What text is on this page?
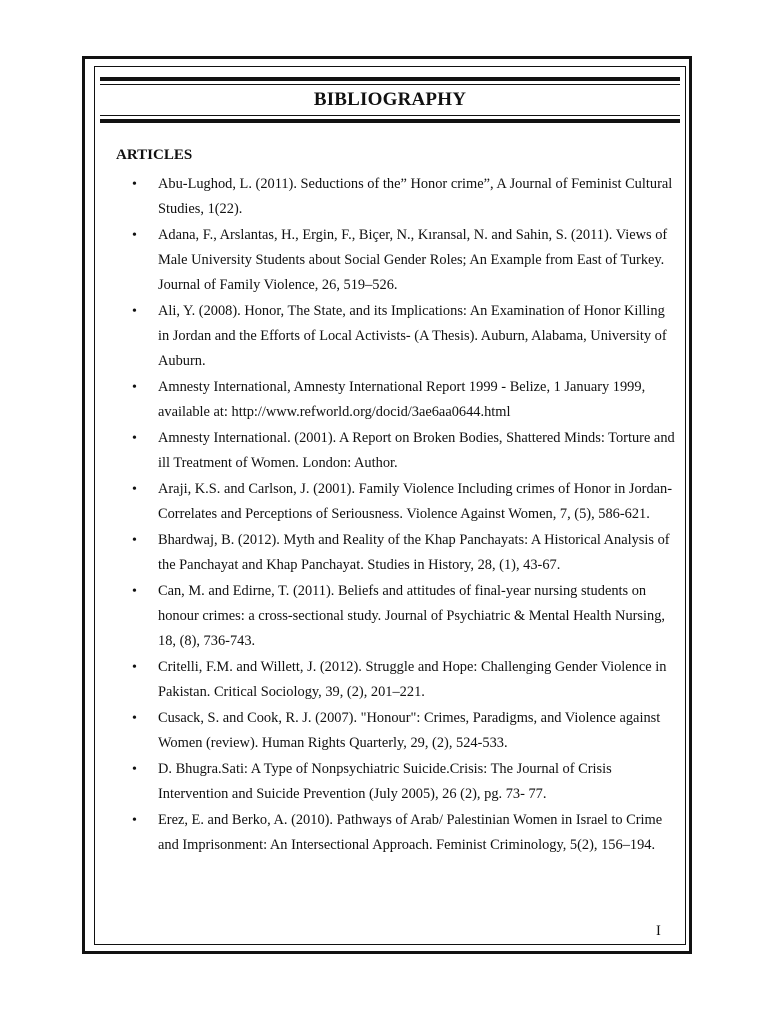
BIBLIOGRAPHY
ARTICLES
• Abu-Lughod, L. (2011). Seductions of the” Honor crime”, A Journal of Feminist Cultural Studies, 1(22).
• Adana, F., Arslantas, H., Ergin, F., Biçer, N., Kıransal, N. and Sahin, S. (2011). Views of Male University Students about Social Gender Roles; An Example from East of Turkey. Journal of Family Violence, 26, 519–526.
• Ali, Y. (2008). Honor, The State, and its Implications: An Examination of Honor Killing in Jordan and the Efforts of Local Activists- (A Thesis). Auburn, Alabama, University of Auburn.
• Amnesty International, Amnesty International Report 1999 - Belize, 1 January 1999, available at: http://www.refworld.org/docid/3ae6aa0644.html
• Amnesty International. (2001). A Report on Broken Bodies, Shattered Minds: Torture and ill Treatment of Women. London: Author.
• Araji, K.S. and Carlson, J. (2001). Family Violence Including crimes of Honor in Jordan-Correlates and Perceptions of Seriousness. Violence Against Women, 7, (5), 586-621.
• Bhardwaj, B. (2012). Myth and Reality of the Khap Panchayats: A Historical Analysis of the Panchayat and Khap Panchayat. Studies in History, 28, (1), 43-67.
• Can, M. and Edirne, T. (2011). Beliefs and attitudes of final-year nursing students on honour crimes: a cross-sectional study. Journal of Psychiatric & Mental Health Nursing, 18, (8), 736-743.
• Critelli, F.M. and Willett, J. (2012). Struggle and Hope: Challenging Gender Violence in Pakistan. Critical Sociology, 39, (2), 201–221.
• Cusack, S. and Cook, R. J. (2007). "Honour": Crimes, Paradigms, and Violence against Women (review). Human Rights Quarterly, 29, (2), 524-533.
• D. Bhugra.Sati: A Type of Nonpsychiatric Suicide.Crisis: The Journal of Crisis Intervention and Suicide Prevention (July 2005), 26 (2), pg. 73- 77.
• Erez, E. and Berko, A. (2010). Pathways of Arab/ Palestinian Women in Israel to Crime and Imprisonment: An Intersectional Approach. Feminist Criminology, 5(2), 156–194.
I
